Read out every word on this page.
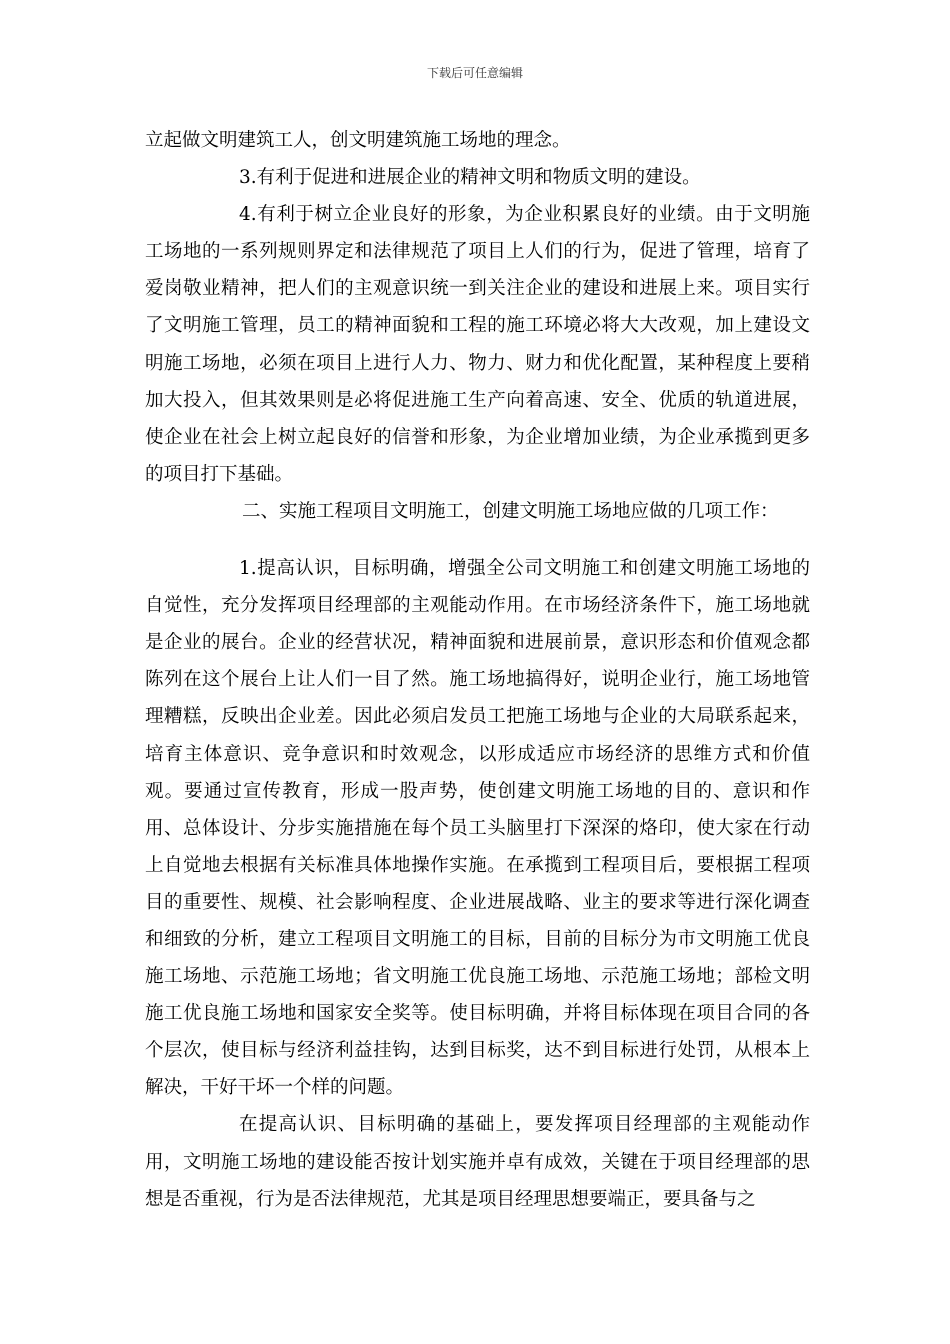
下载后可任意编辑

立起做文明建筑工人，创文明建筑施工场地的理念。

3.有利于促进和进展企业的精神文明和物质文明的建设。

4.有利于树立企业良好的形象，为企业积累良好的业绩。由于文明施工场地的一系列规则界定和法律规范了项目上人们的行为，促进了管理，培育了爱岗敬业精神，把人们的主观意识统一到关注企业的建设和进展上来。项目实行了文明施工管理，员工的精神面貌和工程的施工环境必将大大改观，加上建设文明施工场地，必须在项目上进行人力、物力、财力和优化配置，某种程度上要稍加大投入，但其效果则是必将促进施工生产向着高速、安全、优质的轨道进展，使企业在社会上树立起良好的信誉和形象，为企业增加业绩，为企业承揽到更多的项目打下基础。

二、实施工程项目文明施工，创建文明施工场地应做的几项工作：

1.提高认识，目标明确，增强全公司文明施工和创建文明施工场地的自觉性，充分发挥项目经理部的主观能动作用。在市场经济条件下，施工场地就是企业的展台。企业的经营状况，精神面貌和进展前景，意识形态和价值观念都陈列在这个展台上让人们一目了然。施工场地搞得好，说明企业行，施工场地管理糟糕，反映出企业差。因此必须启发员工把施工场地与企业的大局联系起来，培育主体意识、竞争意识和时效观念，以形成适应市场经济的思维方式和价值观。要通过宣传教育，形成一股声势，使创建文明施工场地的目的、意识和作用、总体设计、分步实施措施在每个员工头脑里打下深深的烙印，使大家在行动上自觉地去根据有关标准具体地操作实施。在承揽到工程项目后，要根据工程项目的重要性、规模、社会影响程度、企业进展战略、业主的要求等进行深化调查和细致的分析，建立工程项目文明施工的目标，目前的目标分为市文明施工优良施工场地、示范施工场地；省文明施工优良施工场地、示范施工场地；部检文明施工优良施工场地和国家安全奖等。使目标明确，并将目标体现在项目合同的各个层次，使目标与经济利益挂钩，达到目标奖，达不到目标进行处罚，从根本上解决，干好干坏一个样的问题。

在提高认识、目标明确的基础上，要发挥项目经理部的主观能动作用，文明施工场地的建设能否按计划实施并卓有成效，关键在于项目经理部的思想是否重视，行为是否法律规范，尤其是项目经理思想要端正，要具备与之
